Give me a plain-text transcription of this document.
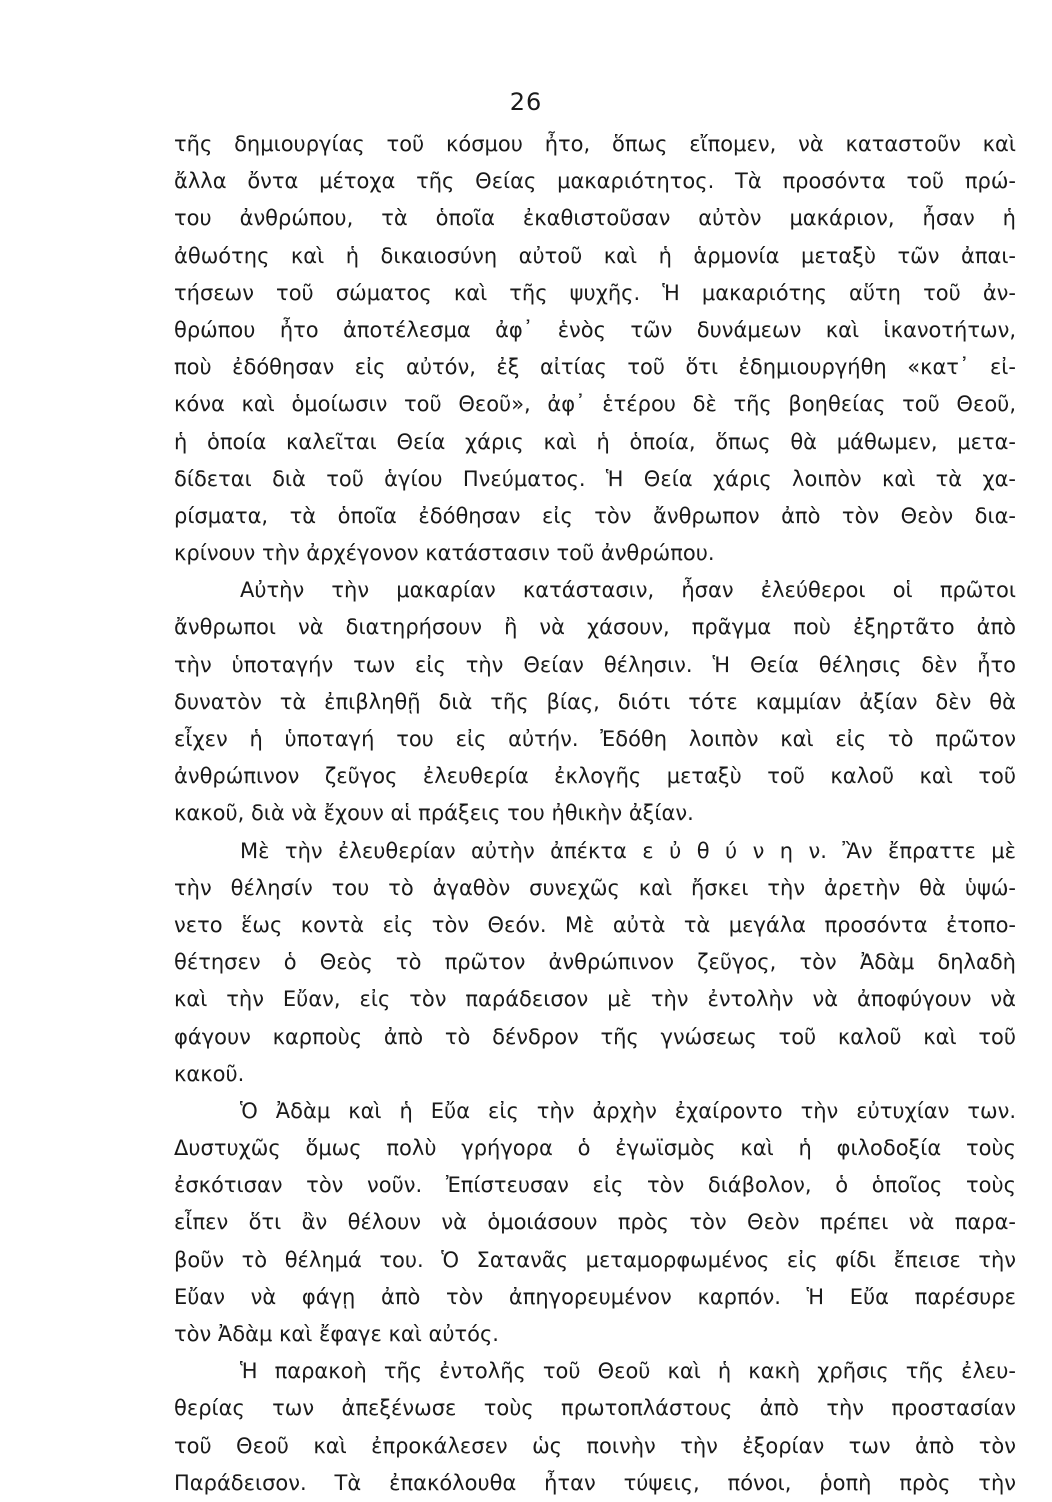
26
τῆς δημιουργίας τοῦ κόσμου ἦτο, ὅπως εἴπομεν, νὰ καταστοῦν καὶ
ἄλλα ὄντα μέτοχα τῆς Θείας μακαριότητος. Τὰ προσόντα τοῦ πρώ-
του ἀνθρώπου, τὰ ὁποῖα ἐκαθιστοῦσαν αὐτὸν μακάριον, ἦσαν ἡ
ἀθωότης καὶ ἡ δικαιοσύνη αὐτοῦ καὶ ἡ ἁρμονία μεταξὺ τῶν ἀπαι-
τήσεων τοῦ σώματος καὶ τῆς ψυχῆς. Ἡ μακαριότης αὕτη τοῦ ἀν-
θρώπου ἦτο ἀποτέλεσμα ἀφ᾽ ἑνὸς τῶν δυνάμεων καὶ ἱκανοτήτων,
ποὺ ἐδόθησαν εἰς αὐτόν, ἐξ αἰτίας τοῦ ὅτι ἐδημιουργήθη «κατ᾽ εἰ-
κόνα καὶ ὁμοίωσιν τοῦ Θεοῦ», ἀφ᾽ ἑτέρου δὲ τῆς βοηθείας τοῦ Θεοῦ,
ἡ ὁποία καλεῖται Θεία χάρις καὶ ἡ ὁποία, ὅπως θὰ μάθωμεν, μετα-
δίδεται διὰ τοῦ ἁγίου Πνεύματος. Ἡ Θεία χάρις λοιπὸν καὶ τὰ χα-
ρίσματα, τὰ ὁποῖα ἐδόθησαν εἰς τὸν ἄνθρωπον ἀπὸ τὸν Θεὸν δια-
κρίνουν τὴν ἀρχέγονον κατάστασιν τοῦ ἀνθρώπου.
Αὐτὴν τὴν μακαρίαν κατάστασιν, ἦσαν ἐλεύθεροι οἱ πρῶτοι
ἄνθρωποι νὰ διατηρήσουν ἢ νὰ χάσουν, πρᾶγμα ποὺ ἐξηρτᾶτο ἀπὸ
τὴν ὑποταγήν των εἰς τὴν Θείαν θέλησιν. Ἡ Θεία θέλησις δὲν ἦτο
δυνατὸν τὰ ἐπιβληθῇ διὰ τῆς βίας, διότι τότε καμμίαν ἀξίαν δὲν θὰ
εἶχεν ἡ ὑποταγή του εἰς αὐτήν. Ἐδόθη λοιπὸν καὶ εἰς τὸ πρῶτον
ἀνθρώπινον ζεῦγος ἐλευθερία ἐκλογῆς μεταξὺ τοῦ καλοῦ καὶ τοῦ
κακοῦ, διὰ νὰ ἔχουν αἱ πράξεις του ἠθικὴν ἀξίαν.
Μὲ τὴν ἐλευθερίαν αὐτὴν ἀπέκτα ε ὐ θ ύ ν η ν. Ἂν ἔπραττε μὲ
τὴν θέλησίν του τὸ ἀγαθὸν συνεχῶς καὶ ἤσκει τὴν ἀρετὴν θὰ ὑψώ-
νετο ἕως κοντὰ εἰς τὸν Θεόν. Μὲ αὐτὰ τὰ μεγάλα προσόντα ἐτοπο-
θέτησεν ὁ Θεὸς τὸ πρῶτον ἀνθρώπινον ζεῦγος, τὸν Ἀδὰμ δηλαδὴ
καὶ τὴν Εὔαν, εἰς τὸν παράδεισον μὲ τὴν ἐντολὴν νὰ ἀποφύγουν νὰ
φάγουν καρποὺς ἀπὸ τὸ δένδρον τῆς γνώσεως τοῦ καλοῦ καὶ τοῦ
κακοῦ.
Ὁ Ἀδὰμ καὶ ἡ Εὔα εἰς τὴν ἀρχὴν ἐχαίροντο τὴν εὐτυχίαν των.
Δυστυχῶς ὅμως πολὺ γρήγορα ὁ ἐγωϊσμὸς καὶ ἡ φιλοδοξία τοὺς
ἐσκότισαν τὸν νοῦν. Ἐπίστευσαν εἰς τὸν διάβολον, ὁ ὁποῖος τοὺς
εἶπεν ὅτι ἂν θέλουν νὰ ὁμοιάσουν πρὸς τὸν Θεὸν πρέπει νὰ παρα-
βοῦν τὸ θέλημά του. Ὁ Σατανᾶς μεταμορφωμένος εἰς φίδι ἔπεισε τὴν
Εὔαν νὰ φάγῃ ἀπὸ τὸν ἀπηγορευμένον καρπόν. Ἡ Εὔα παρέσυρε
τὸν Ἀδὰμ καὶ ἔφαγε καὶ αὐτός.
Ἡ παρακοὴ τῆς ἐντολῆς τοῦ Θεοῦ καὶ ἡ κακὴ χρῆσις τῆς ἐλευ-
θερίας των ἀπεξένωσε τοὺς πρωτοπλάστους ἀπὸ τὴν προστασίαν
τοῦ Θεοῦ καὶ ἐπροκάλεσεν ὡς ποινὴν τὴν ἐξορίαν των ἀπὸ τὸν
Παράδεισον. Τὰ ἐπακόλουθα ἦταν τύψεις, πόνοι, ῥοπὴ πρὸς τὴν
